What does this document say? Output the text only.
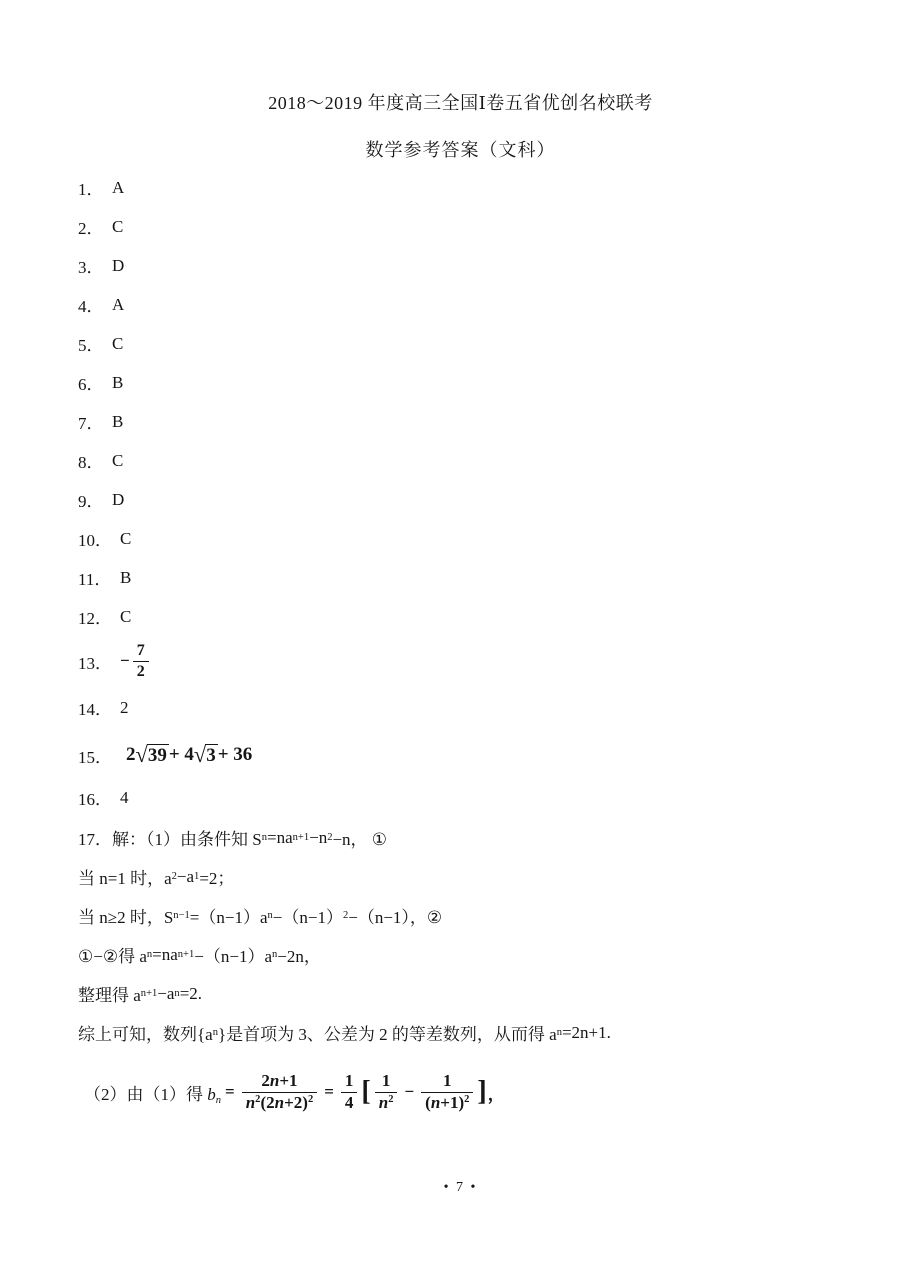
2018～2019 年度高三全国Ⅰ卷五省优创名校联考
数学参考答案（文科）
1． A
2． C
3． D
4． A
5． C
6． B
7． B
8． C
9． D
10． C
11． B
12． C
13． − $\frac{7}{2}$
14． 2
15． 2 √ 39 + 4 √ 3 + 36
16． 4
17．解：（1）由条件知 S n =na n+1 −n 2 −n， ①
当 n=1 时，a 2 −a 1 =2；
当 n≥2 时，S n−1 =（n−1）a n −（n−1） 2 −（n−1），②
①−②得 a n =na n+1 −（n−1）a n −2n，
整理得 a n+1 −a n =2.
综上可知，数列{a n }是首项为 3、公差为 2 的等差数列，从而得 a n =2n+1.
（2）由（1）得 $b_n = \frac{2n+1}{n^2(2n+2)^2} = \frac{1}{4}$ [ $\frac{1}{n^2} - \frac{1}{(n+1)^2}$ ] ，
• 7 •
